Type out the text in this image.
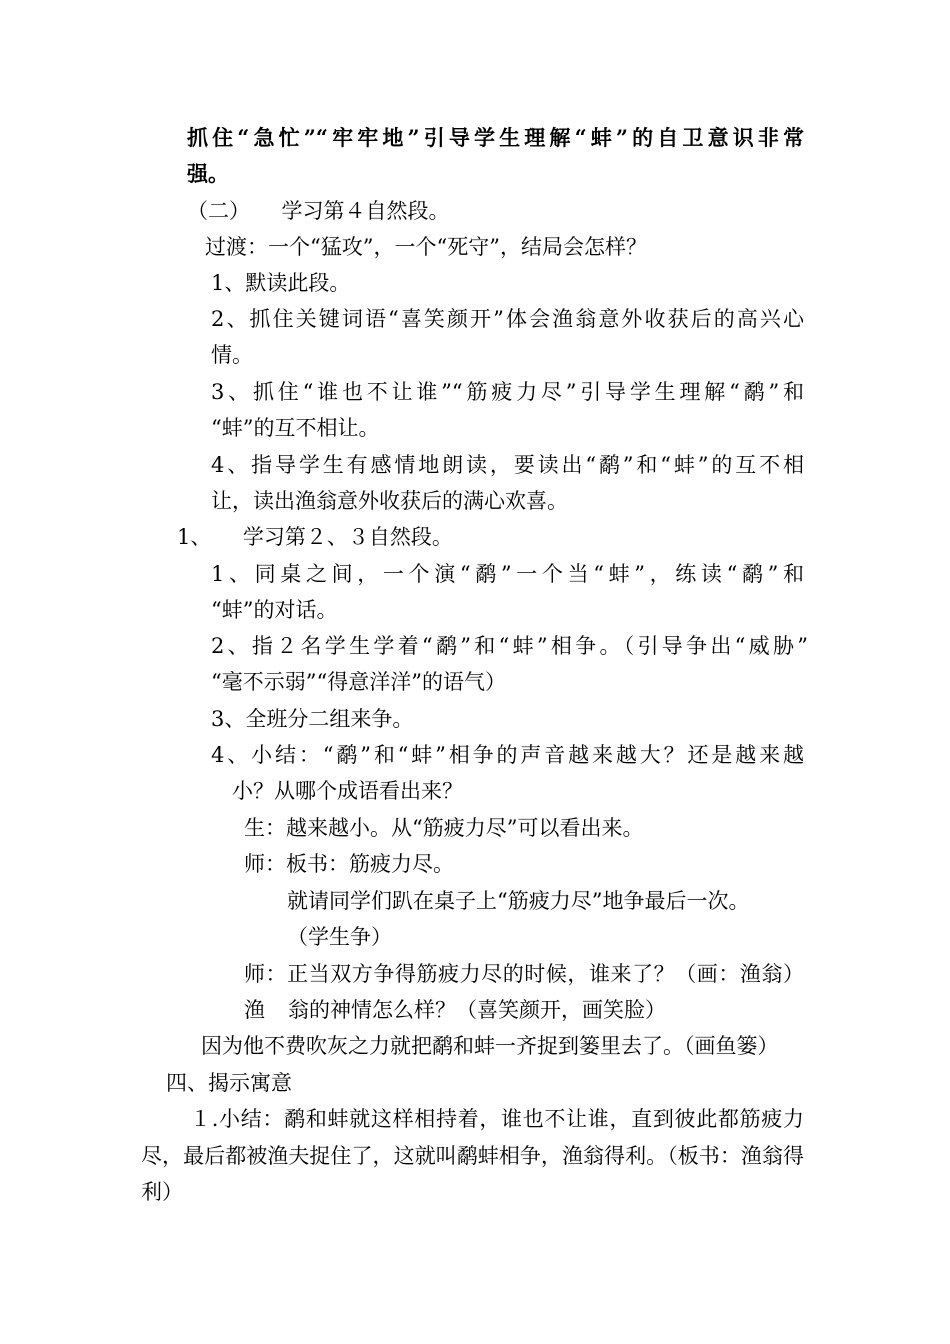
抓住“急忙”“牢牢地”引导学生理解“蚌”的自卫意识非常

强。

（二）　　学习第４自然段。

过渡：一个“猛攻”，一个“死守”，结局会怎样？

1、默读此段。

2、抓住关键词语“喜笑颜开”体会渔翁意外收获后的高兴心

情。

3、抓住“谁也不让谁”“筋疲力尽”引导学生理解“鹬”和

“蚌”的互不相让。

4、指导学生有感情地朗读，要读出“鹬”和“蚌”的互不相

让，读出渔翁意外收获后的满心欢喜。

1、　　学习第２、３自然段。

1、同桌之间，一个演“鹬”一个当“蚌”，练读“鹬”和

“蚌”的对话。

2、指２名学生学着“鹬”和“蚌”相争。（引导争出“威胁”

“毫不示弱”“得意洋洋”的语气）

3、全班分二组来争。

4、小结：“鹬”和“蚌”相争的声音越来越大？还是越来越

小？从哪个成语看出来？

生：越来越小。从“筋疲力尽”可以看出来。

师：板书：筋疲力尽。

就请同学们趴在桌子上“筋疲力尽”地争最后一次。

（学生争）

师：正当双方争得筋疲力尽的时候，谁来了？（画：渔翁）渔	翁的神情怎么样？（喜笑颜开，画笑脸）

因为他不费吹灰之力就把鹬和蚌一齐捉到篓里去了。（画鱼篓）

四、揭示寓意

１.小结：鹬和蚌就这样相持着，谁也不让谁，直到彼此都筋疲力

尽，最后都被渔夫捉住了，这就叫鹬蚌相争，渔翁得利。（板书：渔翁得

利）
